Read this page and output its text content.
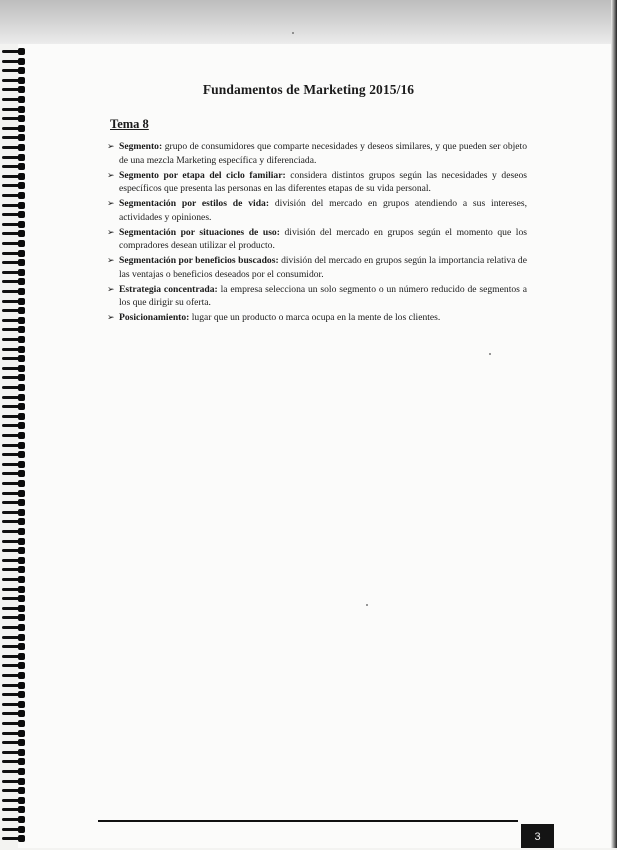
Fundamentos de Marketing 2015/16
Tema 8
➢ Segmento: grupo de consumidores que comparte necesidades y deseos similares, y que pueden ser objeto de una mezcla Marketing específica y diferenciada.
➢ Segmento por etapa del ciclo familiar: considera distintos grupos según las necesidades y deseos específicos que presenta las personas en las diferentes etapas de su vida personal.
➢ Segmentación por estilos de vida: división del mercado en grupos atendiendo a sus intereses, actividades y opiniones.
➢ Segmentación por situaciones de uso: división del mercado en grupos según el momento que los compradores desean utilizar el producto.
➢ Segmentación por beneficios buscados: división del mercado en grupos según la importancia relativa de las ventajas o beneficios deseados por el consumidor.
➢ Estrategia concentrada: la empresa selecciona un solo segmento o un número reducido de segmentos a los que dirigir su oferta.
➢ Posicionamiento: lugar que un producto o marca ocupa en la mente de los clientes.
3
